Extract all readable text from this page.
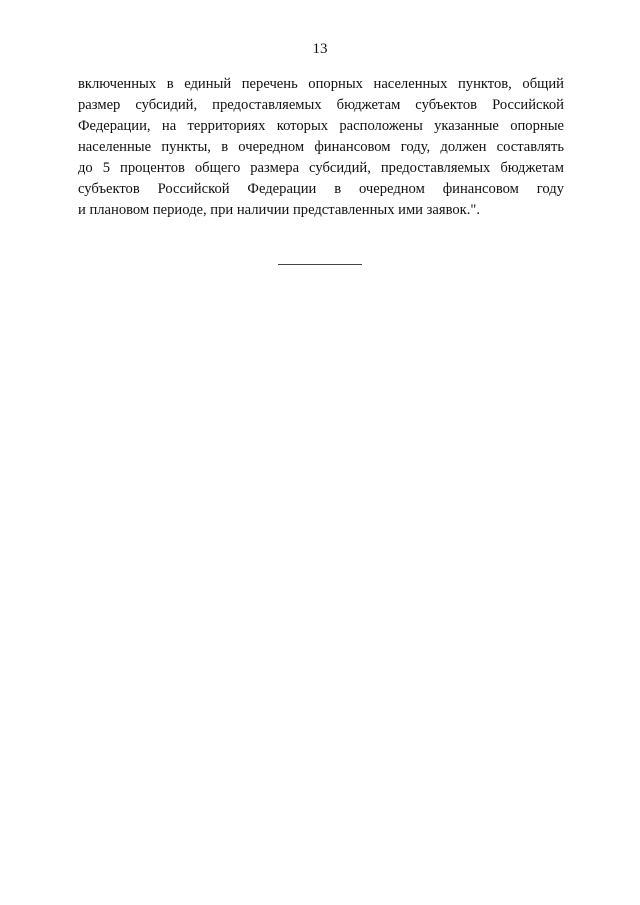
13
включенных в единый перечень опорных населенных пунктов, общий
размер субсидий, предоставляемых бюджетам субъектов Российской
Федерации, на территориях которых расположены указанные опорные
населенные пункты, в очередном финансовом году, должен составлять
до 5 процентов общего размера субсидий, предоставляемых бюджетам
субъектов Российской Федерации в очередном финансовом году
и плановом периоде, при наличии представленных ими заявок.".
